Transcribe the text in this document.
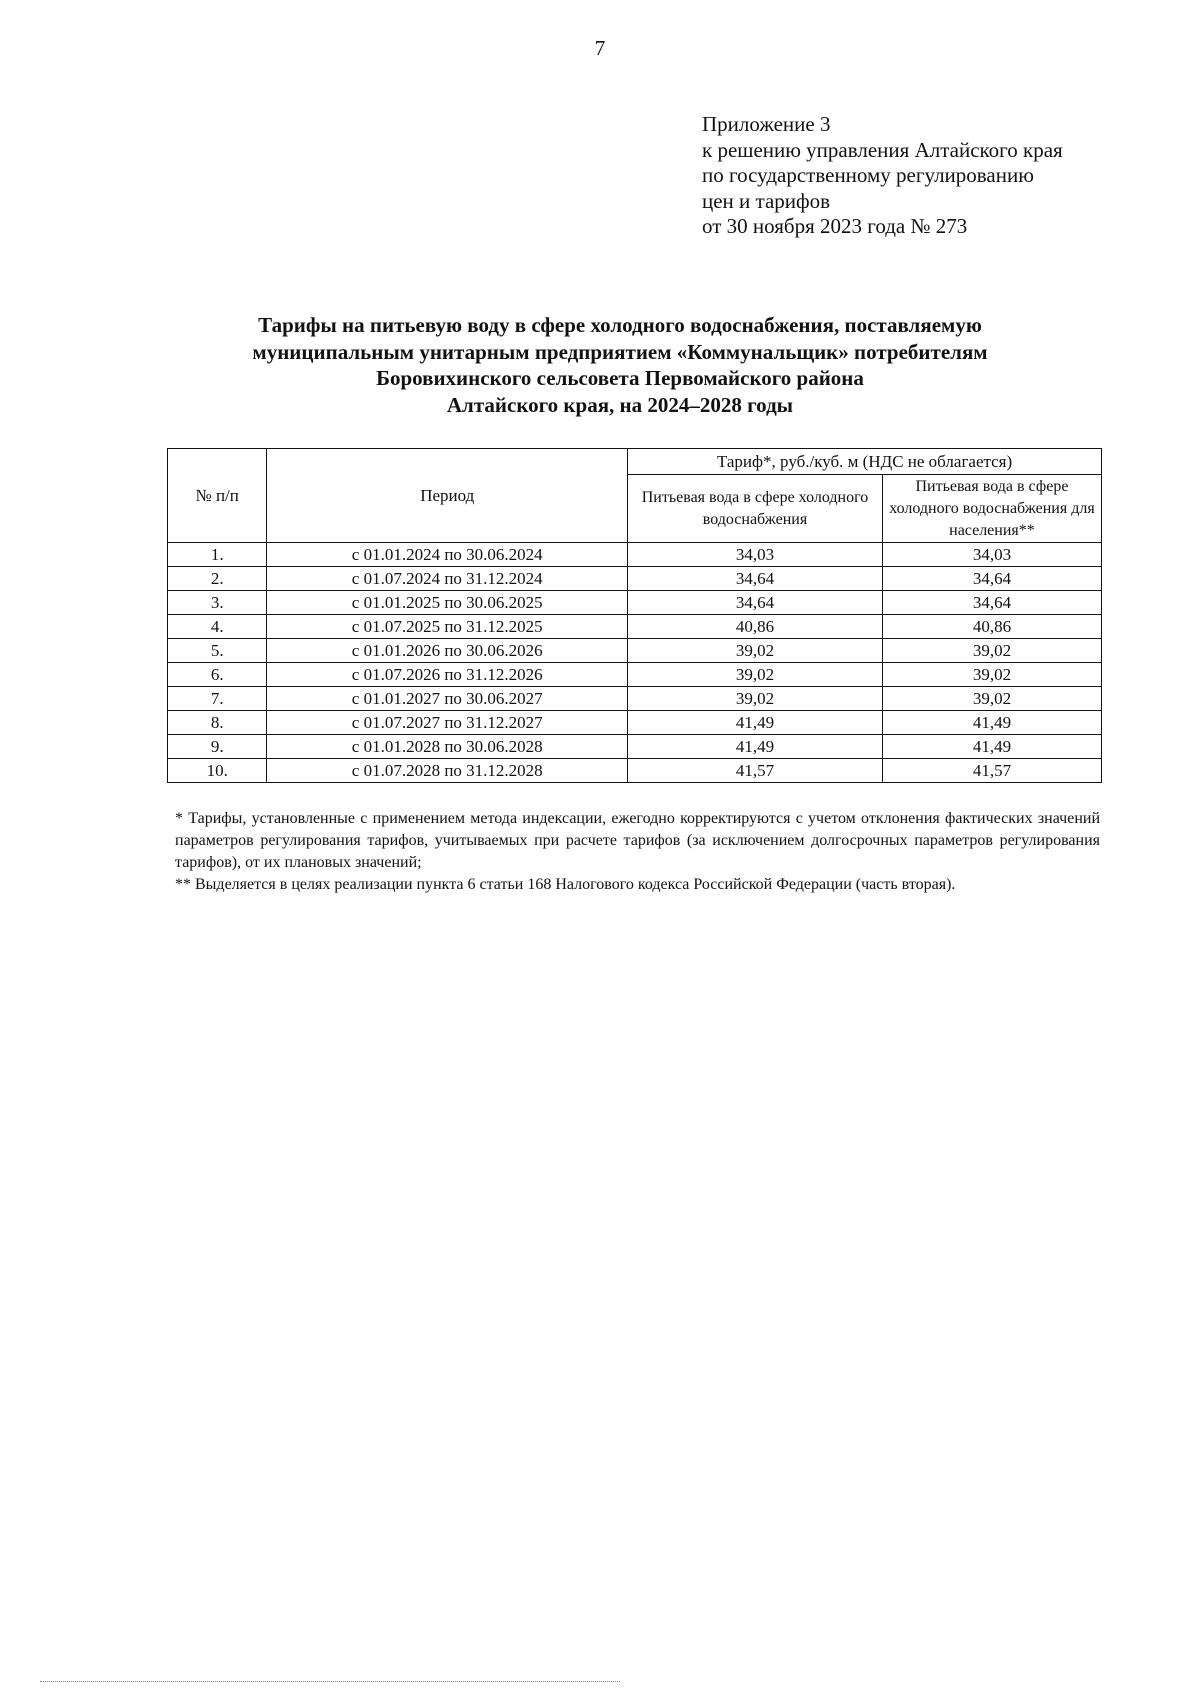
7
Приложение 3
к решению управления Алтайского края
по государственному регулированию
цен и тарифов
от 30 ноября 2023 года № 273
Тарифы на питьевую воду в сфере холодного водоснабжения, поставляемую
муниципальным унитарным предприятием «Коммунальщик» потребителям
Боровихинского сельсовета Первомайского района
Алтайского края, на 2024–2028 годы
№ п/п	Период	Тариф*, руб./куб. м (НДС не облагается)	
		Питьевая вода в сфере холодного водоснабжения	Питьевая вода в сфере холодного водоснабжения для населения**
1.	с 01.01.2024 по 30.06.2024	34,03	34,03
2.	с 01.07.2024 по 31.12.2024	34,64	34,64
3.	с 01.01.2025 по 30.06.2025	34,64	34,64
4.	с 01.07.2025 по 31.12.2025	40,86	40,86
5.	с 01.01.2026 по 30.06.2026	39,02	39,02
6.	с 01.07.2026 по 31.12.2026	39,02	39,02
7.	с 01.01.2027 по 30.06.2027	39,02	39,02
8.	с 01.07.2027 по 31.12.2027	41,49	41,49
9.	с 01.01.2028 по 30.06.2028	41,49	41,49
10.	с 01.07.2028 по 31.12.2028	41,57	41,57

* Тарифы, установленные с применением метода индексации, ежегодно корректируются с учетом отклонения фактических значений параметров регулирования тарифов, учитываемых при расчете тарифов (за исключением долгосрочных параметров регулирования тарифов), от их плановых значений;

** Выделяется в целях реализации пункта 6 статьи 168 Налогового кодекса Российской Федерации (часть вторая).
